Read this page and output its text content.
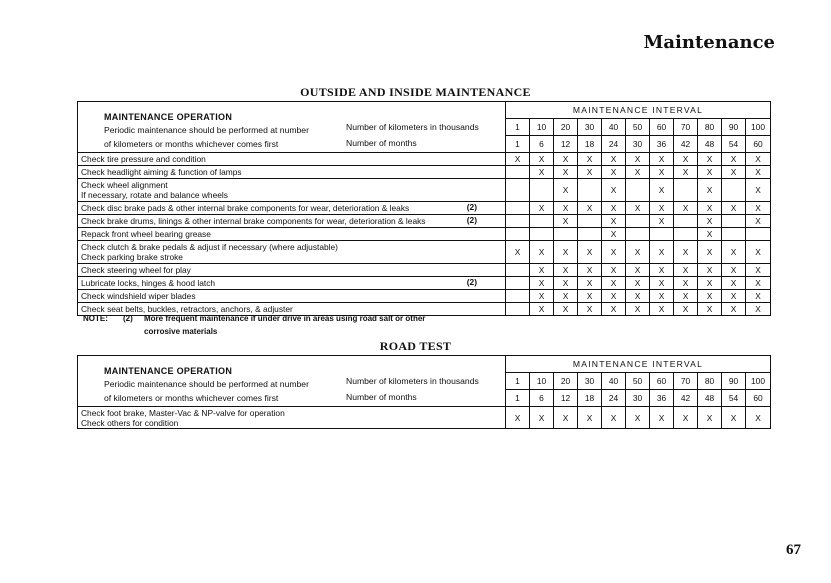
Maintenance
OUTSIDE AND INSIDE MAINTENANCE
MAINTENANCE OPERATION
Periodic maintenance should be performed at number
of kilometers or months whichever comes first
Number of kilometers in thousands
Number of months	MAINTENANCE INTERVAL										
	1	10	20	30	40	50	60	70	80	90	100
	1	6	12	18	24	30	36	42	48	54	60

Check tire pressure and condition	X	X	X	X	X	X	X	X	X	X	X

Check headlight aiming & function of lamps		X	X	X	X	X	X	X	X	X	X

Check wheel alignment
If necessary, rotate and balance wheels			X		X		X		X		X

Check disc brake pads & other internal brake components for wear, deterioration & leaks (2)		X	X	X	X	X	X	X	X	X	X

Check brake drums, linings & other internal brake components for wear, deterioration & leaks (2)			X		X		X		X		X

Repack front wheel bearing grease					X				X		

Check clutch & brake pedals & adjust if necessary (where adjustable)
Check parking brake stroke	X	X	X	X	X	X	X	X	X	X	X

Check steering wheel for play		X	X	X	X	X	X	X	X	X	X

Lubricate locks, hinges & hood latch (2)		X	X	X	X	X	X	X	X	X	X

Check windshield wiper blades		X	X	X	X	X	X	X	X	X	X

Check seat belts, buckles, retractors, anchors, & adjuster		X	X	X	X	X	X	X	X	X	X
NOTE: (2) More frequent maintenance if under drive in areas using road salt or other
corrosive materials
ROAD TEST
MAINTENANCE OPERATION
Periodic maintenance should be performed at number
of kilometers or months whichever comes first
Number of kilometers in thousands
Number of months	MAINTENANCE INTERVAL										
	1	10	20	30	40	50	60	70	80	90	100
	1	6	12	18	24	30	36	42	48	54	60

Check foot brake, Master-Vac & NP-valve for operation
Check others for condition	X	X	X	X	X	X	X	X	X	X	X
67
